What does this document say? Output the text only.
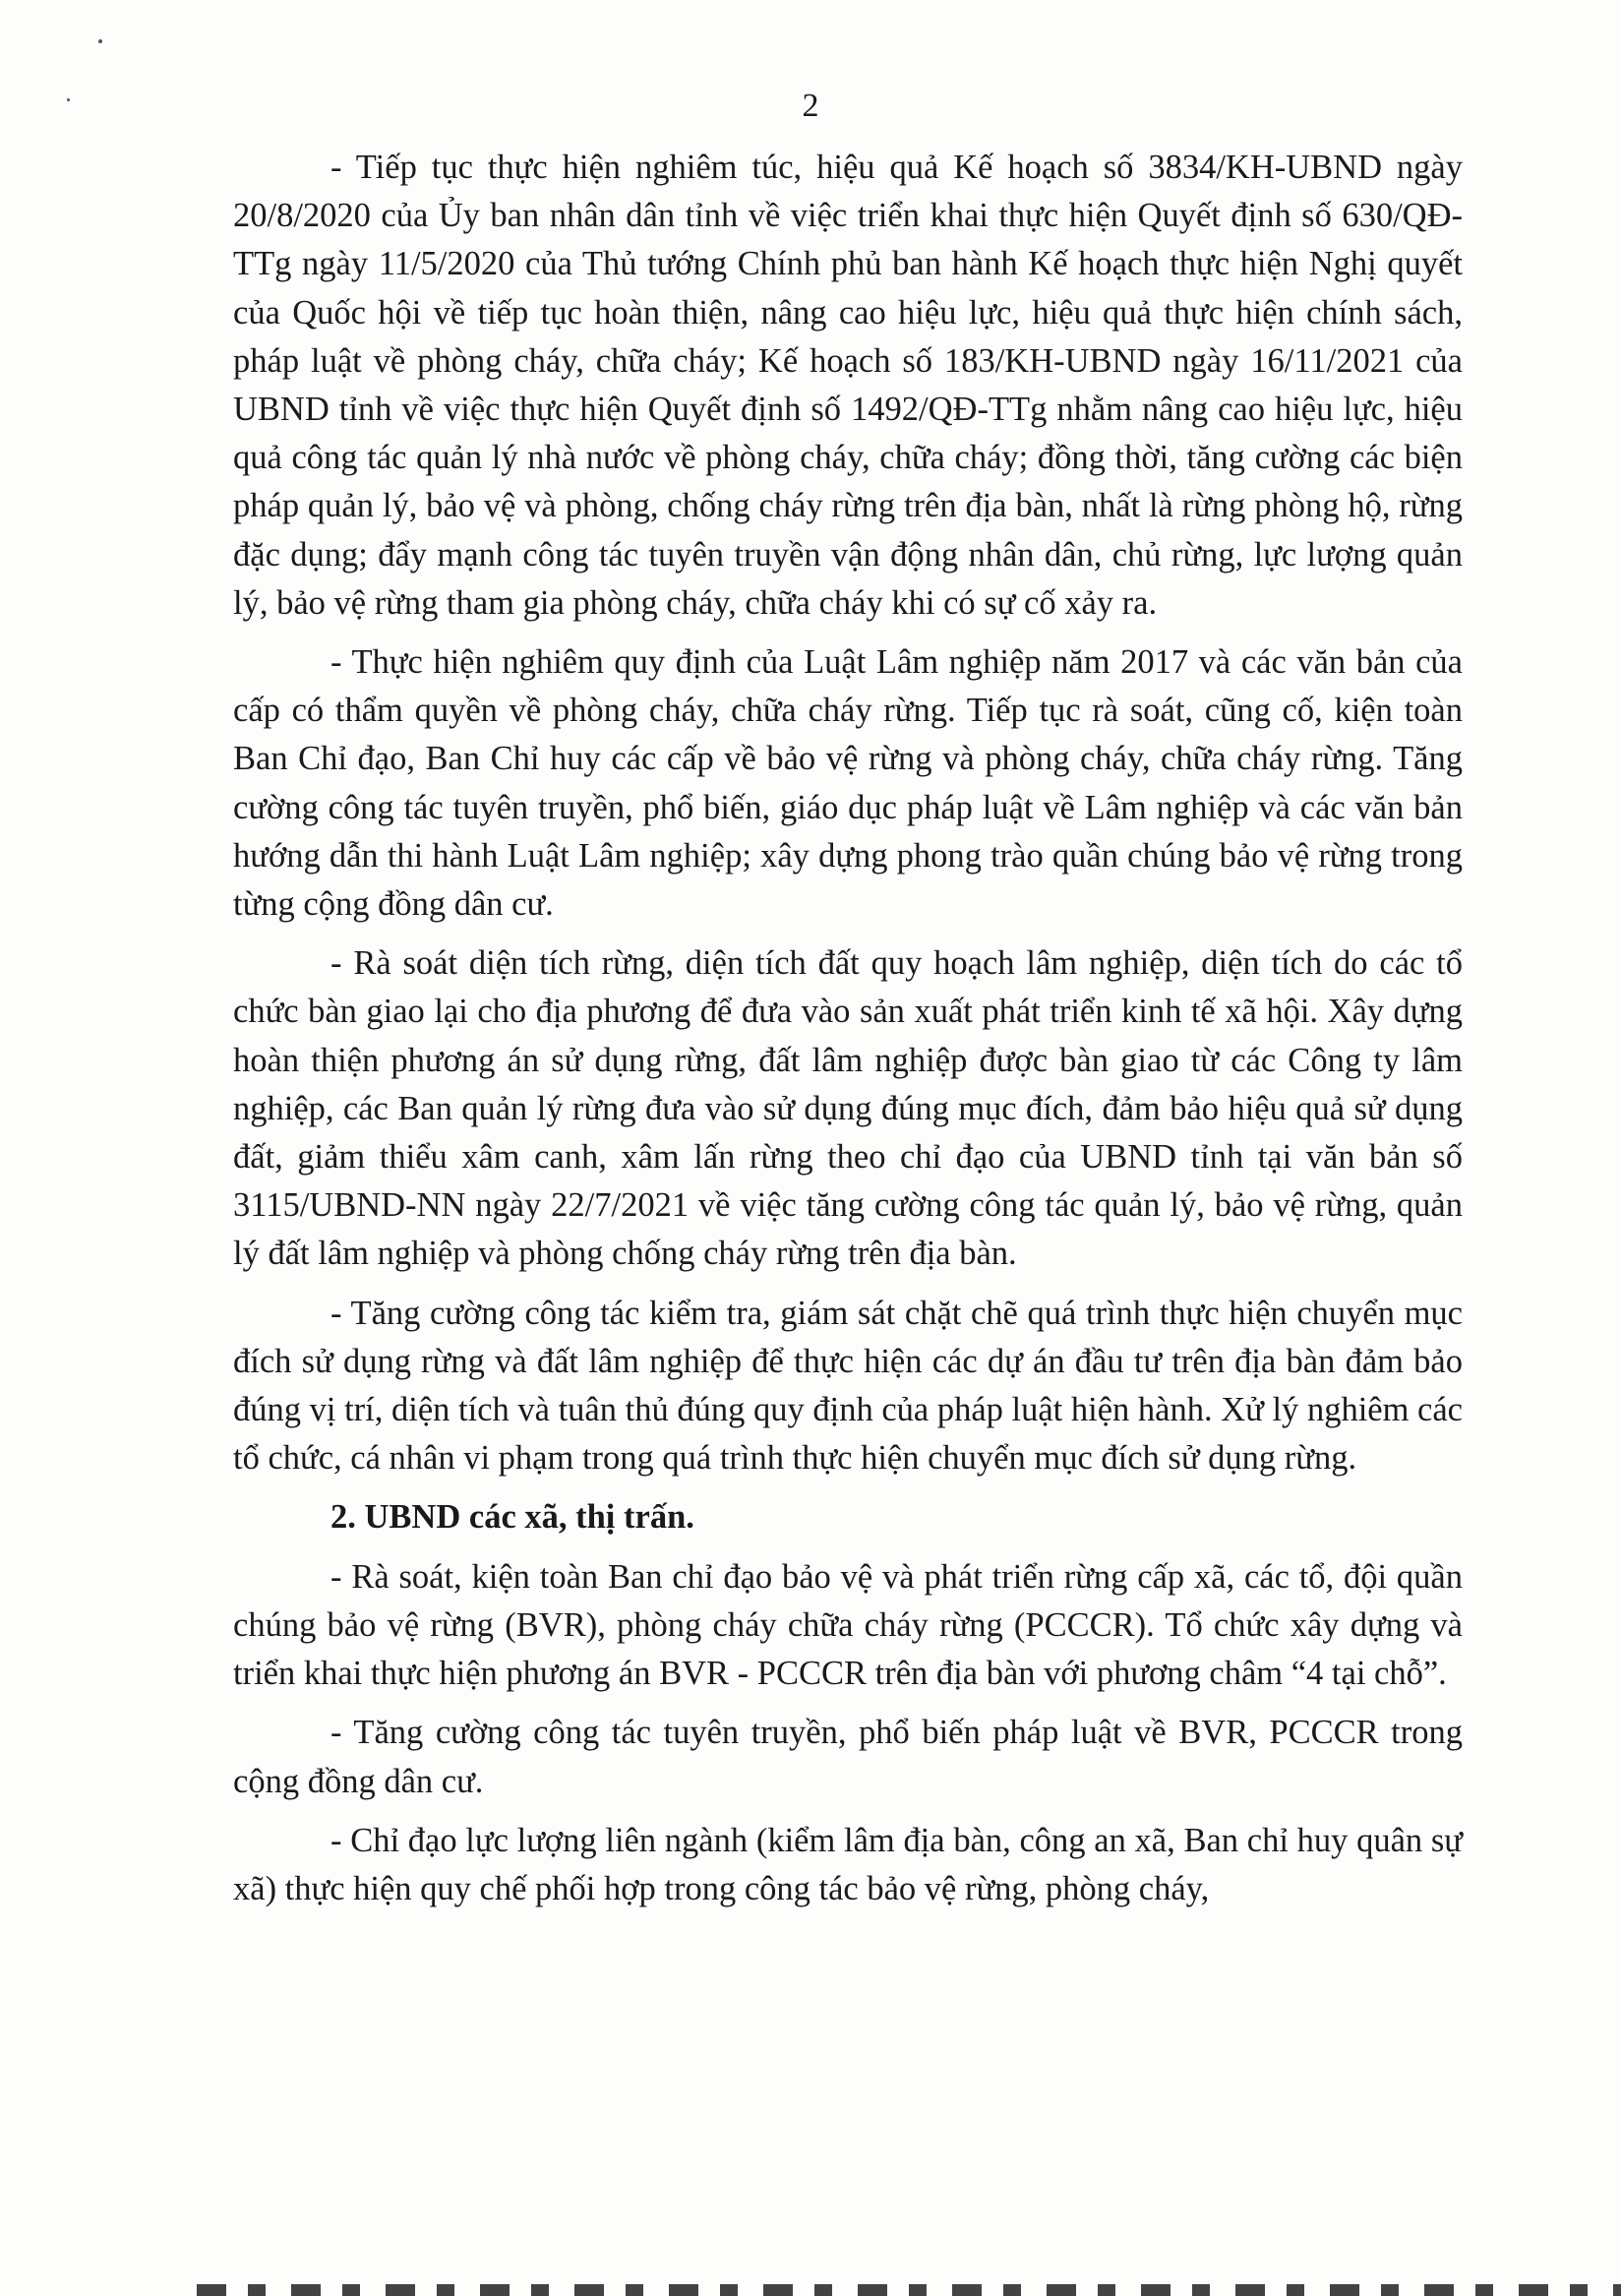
2

- Tiếp tục thực hiện nghiêm túc, hiệu quả Kế hoạch số 3834/KH-UBND ngày 20/8/2020 của Ủy ban nhân dân tỉnh về việc triển khai thực hiện Quyết định số 630/QĐ-TTg ngày 11/5/2020 của Thủ tướng Chính phủ ban hành Kế hoạch thực hiện Nghị quyết của Quốc hội về tiếp tục hoàn thiện, nâng cao hiệu lực, hiệu quả thực hiện chính sách, pháp luật về phòng cháy, chữa cháy; Kế hoạch số 183/KH-UBND ngày 16/11/2021 của UBND tỉnh về việc thực hiện Quyết định số 1492/QĐ-TTg nhằm nâng cao hiệu lực, hiệu quả công tác quản lý nhà nước về phòng cháy, chữa cháy; đồng thời, tăng cường các biện pháp quản lý, bảo vệ và phòng, chống cháy rừng trên địa bàn, nhất là rừng phòng hộ, rừng đặc dụng; đẩy mạnh công tác tuyên truyền vận động nhân dân, chủ rừng, lực lượng quản lý, bảo vệ rừng tham gia phòng cháy, chữa cháy khi có sự cố xảy ra.

- Thực hiện nghiêm quy định của Luật Lâm nghiệp năm 2017 và các văn bản của cấp có thẩm quyền về phòng cháy, chữa cháy rừng. Tiếp tục rà soát, cũng cố, kiện toàn Ban Chỉ đạo, Ban Chỉ huy các cấp về bảo vệ rừng và phòng cháy, chữa cháy rừng. Tăng cường công tác tuyên truyền, phổ biến, giáo dục pháp luật về Lâm nghiệp và các văn bản hướng dẫn thi hành Luật Lâm nghiệp; xây dựng phong trào quần chúng bảo vệ rừng trong từng cộng đồng dân cư.

- Rà soát diện tích rừng, diện tích đất quy hoạch lâm nghiệp, diện tích do các tổ chức bàn giao lại cho địa phương để đưa vào sản xuất phát triển kinh tế xã hội. Xây dựng hoàn thiện phương án sử dụng rừng, đất lâm nghiệp được bàn giao từ các Công ty lâm nghiệp, các Ban quản lý rừng đưa vào sử dụng đúng mục đích, đảm bảo hiệu quả sử dụng đất, giảm thiểu xâm canh, xâm lấn rừng theo chỉ đạo của UBND tỉnh tại văn bản số 3115/UBND-NN ngày 22/7/2021 về việc tăng cường công tác quản lý, bảo vệ rừng, quản lý đất lâm nghiệp và phòng chống cháy rừng trên địa bàn.

- Tăng cường công tác kiểm tra, giám sát chặt chẽ quá trình thực hiện chuyển mục đích sử dụng rừng và đất lâm nghiệp để thực hiện các dự án đầu tư trên địa bàn đảm bảo đúng vị trí, diện tích và tuân thủ đúng quy định của pháp luật hiện hành. Xử lý nghiêm các tổ chức, cá nhân vi phạm trong quá trình thực hiện chuyển mục đích sử dụng rừng.

2. UBND các xã, thị trấn.

- Rà soát, kiện toàn Ban chỉ đạo bảo vệ và phát triển rừng cấp xã, các tổ, đội quần chúng bảo vệ rừng (BVR), phòng cháy chữa cháy rừng (PCCCR). Tổ chức xây dựng và triển khai thực hiện phương án BVR - PCCCR trên địa bàn với phương châm “4 tại chỗ”.

- Tăng cường công tác tuyên truyền, phổ biến pháp luật về BVR, PCCCR trong cộng đồng dân cư.

- Chỉ đạo lực lượng liên ngành (kiểm lâm địa bàn, công an xã, Ban chỉ huy quân sự xã) thực hiện quy chế phối hợp trong công tác bảo vệ rừng, phòng cháy,
